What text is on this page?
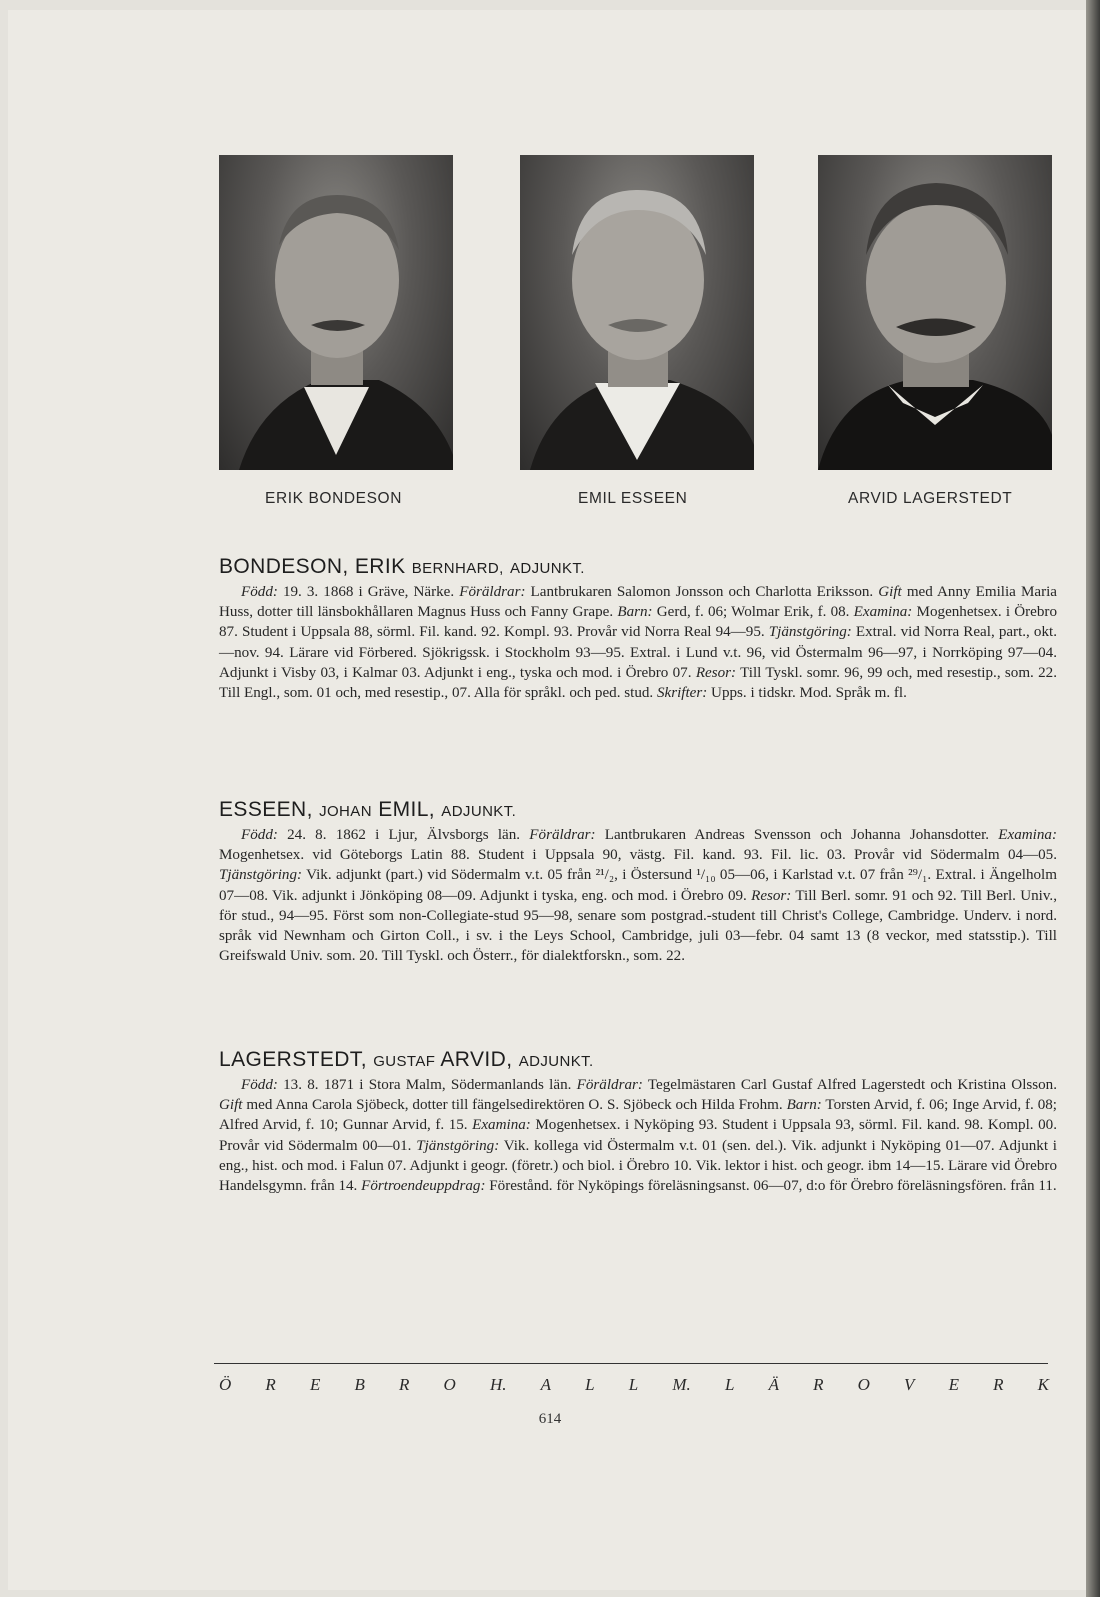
ERIK BONDESON	EMIL ESSEEN	ARVID LAGERSTEDT
BONDESON, ERIK BERNHARD, ADJUNKT.
Född: 19. 3. 1868 i Gräve, Närke. Föräldrar: Lantbrukaren Salomon Jonsson och Charlotta Eriksson. Gift med Anny Emilia Maria Huss, dotter till länsbokhållaren Magnus Huss och Fanny Grape. Barn: Gerd, f. 06; Wolmar Erik, f. 08. Examina: Mogenhetsex. i Örebro 87. Student i Uppsala 88, sörml. Fil. kand. 92. Kompl. 93. Provår vid Norra Real 94—95. Tjänstgöring: Extral. vid Norra Real, part., okt.—nov. 94. Lärare vid Förbered. Sjökrigssk. i Stockholm 93—95. Extral. i Lund v.t. 96, vid Östermalm 96—97, i Norrköping 97—04. Adjunkt i Visby 03, i Kalmar 03. Adjunkt i eng., tyska och mod. i Örebro 07. Resor: Till Tyskl. somr. 96, 99 och, med resestip., som. 22. Till Engl., som. 01 och, med resestip., 07. Alla för språkl. och ped. stud. Skrifter: Upps. i tidskr. Mod. Språk m. fl.
ESSEEN, JOHAN EMIL, ADJUNKT.
Född: 24. 8. 1862 i Ljur, Älvsborgs län. Föräldrar: Lantbrukaren Andreas Svensson och Johanna Johansdotter. Examina: Mogenhetsex. vid Göteborgs Latin 88. Student i Uppsala 90, västg. Fil. kand. 93. Fil. lic. 03. Provår vid Södermalm 04—05. Tjänstgöring: Vik. adjunkt (part.) vid Södermalm v.t. 05 från ²¹/₂, i Östersund ¹/₁₀ 05—06, i Karlstad v.t. 07 från ²⁹/₁. Extral. i Ängelholm 07—08. Vik. adjunkt i Jönköping 08—09. Adjunkt i tyska, eng. och mod. i Örebro 09. Resor: Till Berl. somr. 91 och 92. Till Berl. Univ., för stud., 94—95. Först som non-Collegiate-stud 95—98, senare som postgrad.-student till Christ's College, Cambridge. Underv. i nord. språk vid Newnham och Girton Coll., i sv. i the Leys School, Cambridge, juli 03—febr. 04 samt 13 (8 veckor, med statsstip.). Till Greifswald Univ. som. 20. Till Tyskl. och Österr., för dialektforskn., som. 22.
LAGERSTEDT, GUSTAF ARVID, ADJUNKT.
Född: 13. 8. 1871 i Stora Malm, Södermanlands län. Föräldrar: Tegelmästaren Carl Gustaf Alfred Lagerstedt och Kristina Olsson. Gift med Anna Carola Sjöbeck, dotter till fängelsedirektören O. S. Sjöbeck och Hilda Frohm. Barn: Torsten Arvid, f. 06; Inge Arvid, f. 08; Alfred Arvid, f. 10; Gunnar Arvid, f. 15. Examina: Mogenhetsex. i Nyköping 93. Student i Uppsala 93, sörml. Fil. kand. 98. Kompl. 00. Provår vid Södermalm 00—01. Tjänstgöring: Vik. kollega vid Östermalm v.t. 01 (sen. del.). Vik. adjunkt i Nyköping 01—07. Adjunkt i eng., hist. och mod. i Falun 07. Adjunkt i geogr. (företr.) och biol. i Örebro 10. Vik. lektor i hist. och geogr. ibm 14—15. Lärare vid Örebro Handelsgymn. från 14. Förtroendeuppdrag: Förestånd. för Nyköpings föreläsningsanst. 06—07, d:o för Örebro föreläsningsfören. från 11.
Ö R E B R O H. A L L M. L Ä R O V E R K
614
